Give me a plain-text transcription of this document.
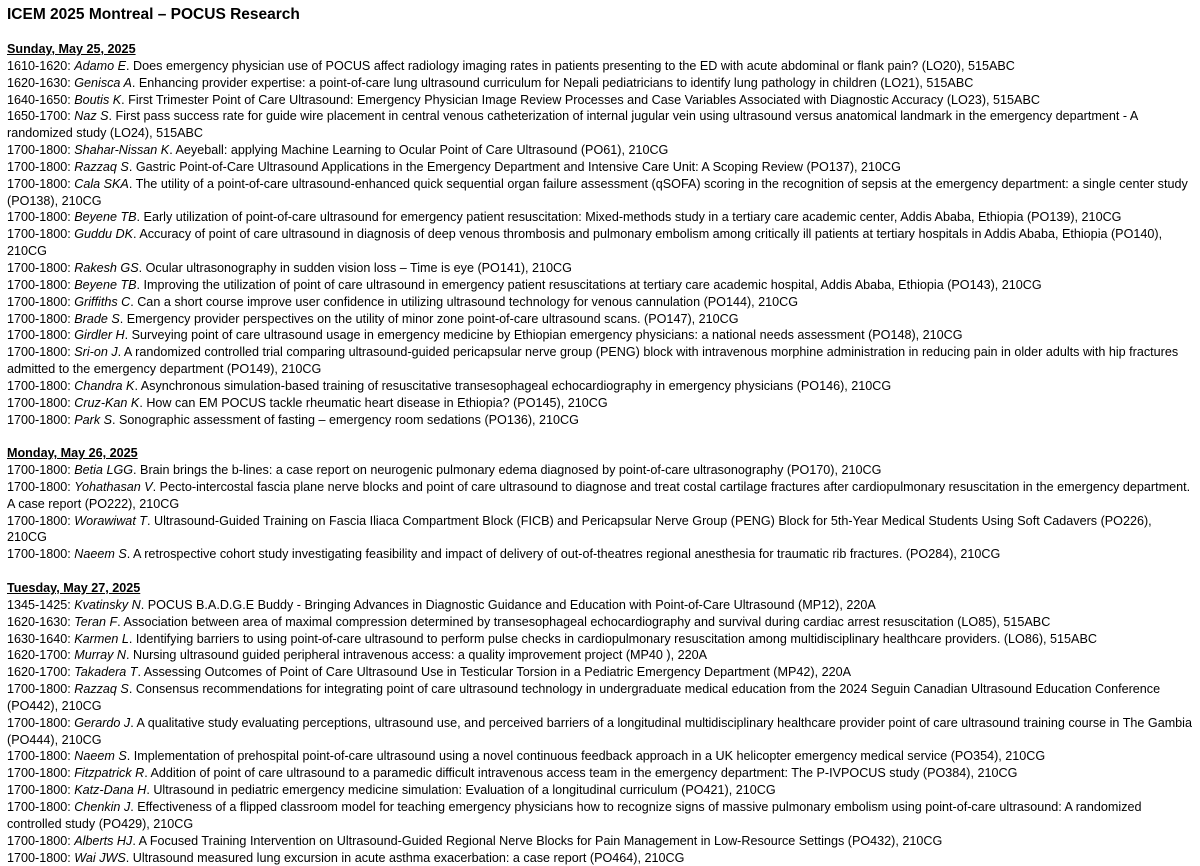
ICEM 2025 Montreal – POCUS Research
Sunday, May 25, 2025
1610-1620: Adamo E. Does emergency physician use of POCUS affect radiology imaging rates in patients presenting to the ED with acute abdominal or flank pain? (LO20), 515ABC
1620-1630: Genisca A. Enhancing provider expertise: a point-of-care lung ultrasound curriculum for Nepali pediatricians to identify lung pathology in children (LO21), 515ABC
1640-1650: Boutis K. First Trimester Point of Care Ultrasound: Emergency Physician Image Review Processes and Case Variables Associated with Diagnostic Accuracy (LO23), 515ABC
1650-1700: Naz S. First pass success rate for guide wire placement in central venous catheterization of internal jugular vein using ultrasound versus anatomical landmark in the emergency department - A randomized study (LO24), 515ABC
1700-1800: Shahar-Nissan K. Aeyeball: applying Machine Learning to Ocular Point of Care Ultrasound (PO61), 210CG
1700-1800: Razzaq S. Gastric Point-of-Care Ultrasound Applications in the Emergency Department and Intensive Care Unit: A Scoping Review (PO137), 210CG
1700-1800: Cala SKA. The utility of a point-of-care ultrasound-enhanced quick sequential organ failure assessment (qSOFA) scoring in the recognition of sepsis at the emergency department: a single center study (PO138), 210CG
1700-1800: Beyene TB. Early utilization of point-of-care ultrasound for emergency patient resuscitation: Mixed-methods study in a tertiary care academic center, Addis Ababa, Ethiopia (PO139), 210CG
1700-1800: Guddu DK. Accuracy of point of care ultrasound in diagnosis of deep venous thrombosis and pulmonary embolism among critically ill patients at tertiary hospitals in Addis Ababa, Ethiopia (PO140), 210CG
1700-1800: Rakesh GS. Ocular ultrasonography in sudden vision loss – Time is eye (PO141), 210CG
1700-1800: Beyene TB. Improving the utilization of point of care ultrasound in emergency patient resuscitations at tertiary care academic hospital, Addis Ababa, Ethiopia (PO143), 210CG
1700-1800: Griffiths C. Can a short course improve user confidence in utilizing ultrasound technology for venous cannulation (PO144), 210CG
1700-1800: Brade S. Emergency provider perspectives on the utility of minor zone point-of-care ultrasound scans. (PO147), 210CG
1700-1800: Girdler H. Surveying point of care ultrasound usage in emergency medicine by Ethiopian emergency physicians: a national needs assessment (PO148), 210CG
1700-1800: Sri-on J. A randomized controlled trial comparing ultrasound-guided pericapsular nerve group (PENG) block with intravenous morphine administration in reducing pain in older adults with hip fractures admitted to the emergency department (PO149), 210CG
1700-1800: Chandra K. Asynchronous simulation-based training of resuscitative transesophageal echocardiography in emergency physicians (PO146), 210CG
1700-1800: Cruz-Kan K. How can EM POCUS tackle rheumatic heart disease in Ethiopia? (PO145), 210CG
1700-1800: Park S. Sonographic assessment of fasting – emergency room sedations (PO136), 210CG
Monday, May 26, 2025
1700-1800: Betia LGG. Brain brings the b-lines: a case report on neurogenic pulmonary edema diagnosed by point-of-care ultrasonography (PO170), 210CG
1700-1800: Yohathasan V. Pecto-intercostal fascia plane nerve blocks and point of care ultrasound to diagnose and treat costal cartilage fractures after cardiopulmonary resuscitation in the emergency department. A case report (PO222), 210CG
1700-1800: Worawiwat T. Ultrasound-Guided Training on Fascia Iliaca Compartment Block (FICB) and Pericapsular Nerve Group (PENG) Block for 5th-Year Medical Students Using Soft Cadavers (PO226), 210CG
1700-1800: Naeem S. A retrospective cohort study investigating feasibility and impact of delivery of out-of-theatres regional anesthesia for traumatic rib fractures. (PO284), 210CG
Tuesday, May 27, 2025
1345-1425: Kvatinsky N. POCUS B.A.D.G.E Buddy - Bringing Advances in Diagnostic Guidance and Education with Point-of-Care Ultrasound (MP12), 220A
1620-1630: Teran F. Association between area of maximal compression determined by transesophageal echocardiography and survival during cardiac arrest resuscitation (LO85), 515ABC
1630-1640: Karmen L. Identifying barriers to using point-of-care ultrasound to perform pulse checks in cardiopulmonary resuscitation among multidisciplinary healthcare providers. (LO86), 515ABC
1620-1700: Murray N. Nursing ultrasound guided peripheral intravenous access: a quality improvement project (MP40 ), 220A
1620-1700: Takadera T. Assessing Outcomes of Point of Care Ultrasound Use in Testicular Torsion in a Pediatric Emergency Department (MP42), 220A
1700-1800: Razzaq S. Consensus recommendations for integrating point of care ultrasound technology in undergraduate medical education from the 2024 Seguin Canadian Ultrasound Education Conference (PO442), 210CG
1700-1800: Gerardo J. A qualitative study evaluating perceptions, ultrasound use, and perceived barriers of a longitudinal multidisciplinary healthcare provider point of care ultrasound training course in The Gambia (PO444), 210CG
1700-1800: Naeem S. Implementation of prehospital point-of-care ultrasound using a novel continuous feedback approach in a UK helicopter emergency medical service (PO354), 210CG
1700-1800: Fitzpatrick R. Addition of point of care ultrasound to a paramedic difficult intravenous access team in the emergency department: The P-IVPOCUS study (PO384), 210CG
1700-1800: Katz-Dana H. Ultrasound in pediatric emergency medicine simulation: Evaluation of a longitudinal curriculum (PO421), 210CG
1700-1800: Chenkin J. Effectiveness of a flipped classroom model for teaching emergency physicians how to recognize signs of massive pulmonary embolism using point-of-care ultrasound: A randomized controlled study (PO429), 210CG
1700-1800: Alberts HJ. A Focused Training Intervention on Ultrasound-Guided Regional Nerve Blocks for Pain Management in Low-Resource Settings (PO432), 210CG
1700-1800: Wai JWS. Ultrasound measured lung excursion in acute asthma exacerbation: a case report (PO464), 210CG
